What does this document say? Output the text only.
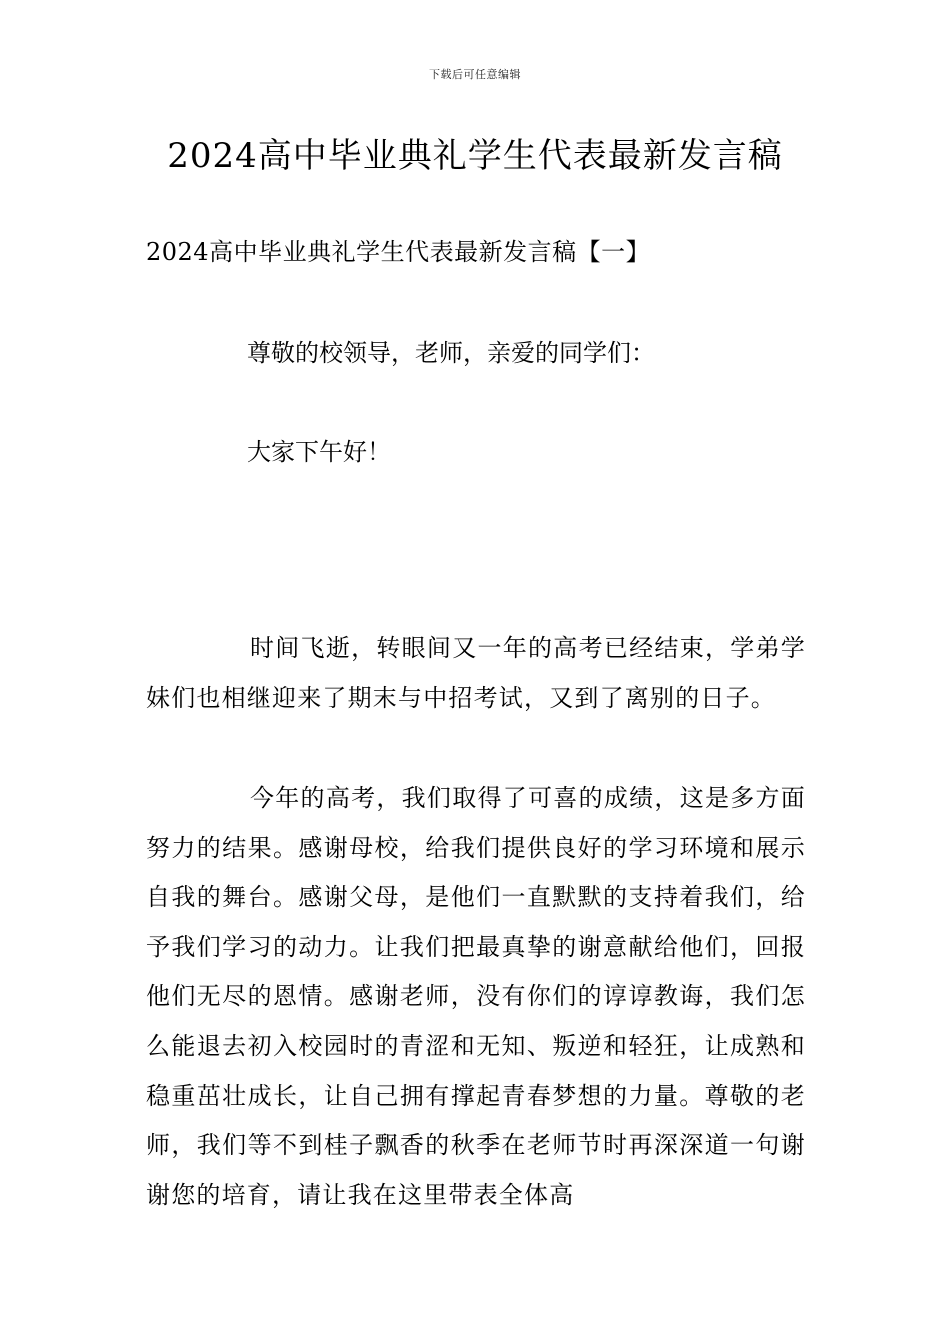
下载后可任意编辑
2024高中毕业典礼学生代表最新发言稿
2024高中毕业典礼学生代表最新发言稿【一】
尊敬的校领导，老师，亲爱的同学们：
大家下午好！

时间飞逝，转眼间又一年的高考已经结束，学弟学妹们也相继迎来了期末与中招考试，又到了离别的日子。

今年的高考，我们取得了可喜的成绩，这是多方面努力的结果。感谢母校，给我们提供良好的学习环境和展示自我的舞台。感谢父母，是他们一直默默的支持着我们，给予我们学习的动力。让我们把最真挚的谢意献给他们，回报他们无尽的恩情。感谢老师，没有你们的谆谆教诲，我们怎么能退去初入校园时的青涩和无知、叛逆和轻狂，让成熟和稳重茁壮成长，让自己拥有撑起青春梦想的力量。尊敬的老师，我们等不到桂子飘香的秋季在老师节时再深深道一句谢谢您的培育，请让我在这里带表全体高
